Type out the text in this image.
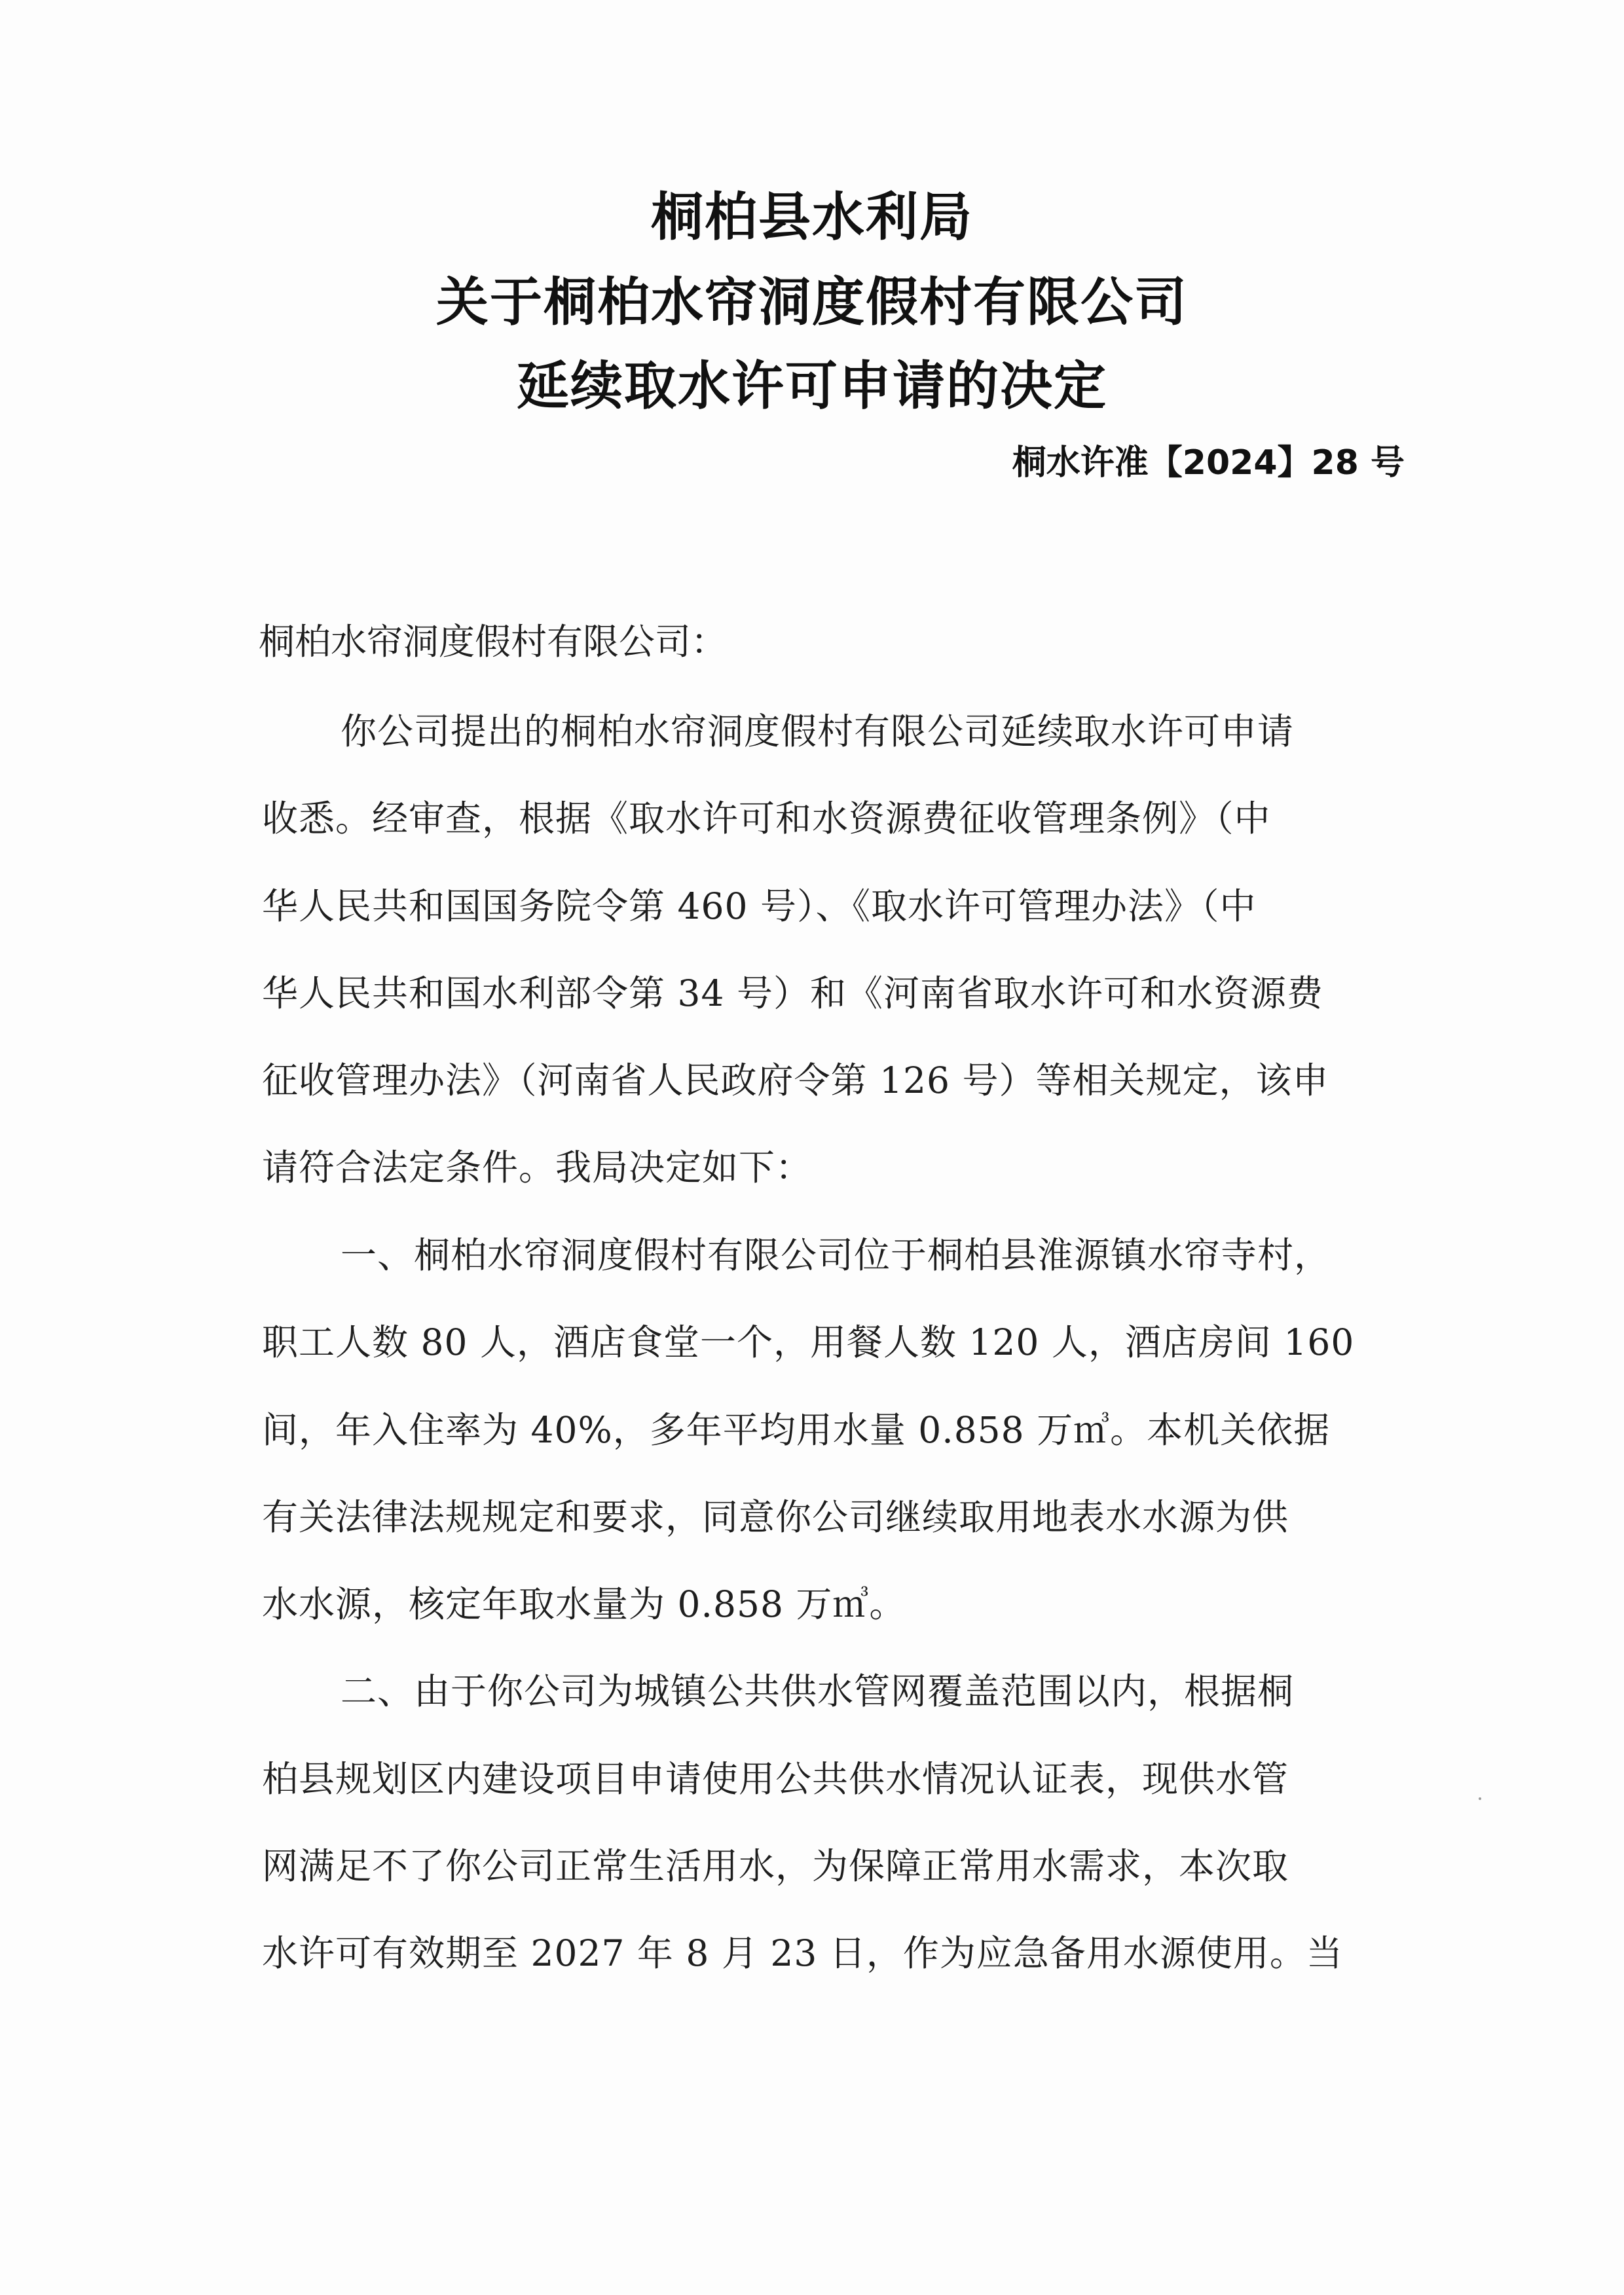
桐柏县水利局
关于桐柏水帘洞度假村有限公司
延续取水许可申请的决定
桐水许准【2024】28 号
桐柏水帘洞度假村有限公司：
你公司提出的桐柏水帘洞度假村有限公司延续取水许可申请
收悉。经审查，根据《取水许可和水资源费征收管理条例》（中
华人民共和国国务院令第 460 号）、《取水许可管理办法》（中
华人民共和国水利部令第 34 号）和《河南省取水许可和水资源费
征收管理办法》（河南省人民政府令第 126 号）等相关规定，该申
请符合法定条件。我局决定如下：
一、桐柏水帘洞度假村有限公司位于桐柏县淮源镇水帘寺村，
职工人数 80 人，酒店食堂一个，用餐人数 120 人，酒店房间 160
间，年入住率为 40%，多年平均用水量 0.858 万㎥。本机关依据
有关法律法规规定和要求，同意你公司继续取用地表水水源为供
水水源，核定年取水量为 0.858 万㎥。
二、由于你公司为城镇公共供水管网覆盖范围以内，根据桐
柏县规划区内建设项目申请使用公共供水情况认证表，现供水管
网满足不了你公司正常生活用水，为保障正常用水需求，本次取
水许可有效期至 2027 年 8 月 23 日，作为应急备用水源使用。当
